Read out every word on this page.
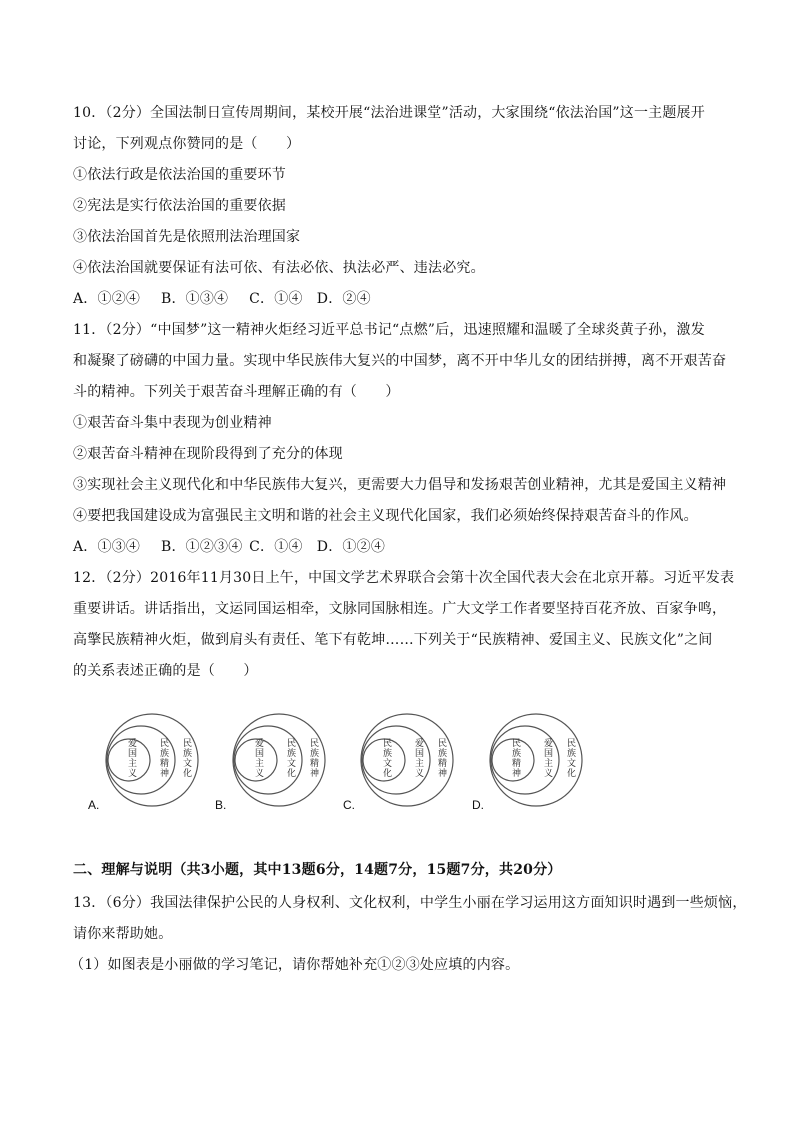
10．（2分）全国法制日宣传周期间，某校开展“法治进课堂”活动，大家围绕“依法治国”这一主题展开
讨论，下列观点你赞同的是（　　）
①依法行政是依法治国的重要环节
②宪法是实行依法治国的重要依据
③依法治国首先是依照刑法治理国家
④依法治国就要保证有法可依、有法必依、执法必严、违法必究。
A．①②④　 B．①③④　 C．①④　D．②④
11．（2分）“中国梦”这一精神火炬经习近平总书记“点燃”后，迅速照耀和温暖了全球炎黄子孙，激发
和凝聚了磅礴的中国力量。实现中华民族伟大复兴的中国梦，离不开中华儿女的团结拼搏，离不开艰苦奋
斗的精神。下列关于艰苦奋斗理解正确的有（　　）
①艰苦奋斗集中表现为创业精神
②艰苦奋斗精神在现阶段得到了充分的体现
③实现社会主义现代化和中华民族伟大复兴，更需要大力倡导和发扬艰苦创业精神，尤其是爱国主义精神
④要把我国建设成为富强民主文明和谐的社会主义现代化国家，我们必须始终保持艰苦奋斗的作风。
A．①③④　 B．①②③④ C．①④　D．①②④
12．（2分）2016年11月30日上午，中国文学艺术界联合会第十次全国代表大会在北京开幕。习近平发表
重要讲话。讲话指出，文运同国运相牵，文脉同国脉相连。广大文学工作者要坚持百花齐放、百家争鸣，
高擎民族精神火炬，做到肩头有责任、笔下有乾坤……下列关于“民族精神、爱国主义、民族文化”之间
的关系表述正确的是（　　）
爱国主义 民族精神 民族文化
A.
爱国主义 民族文化 民族精神
B.
民族文化 爱国主义 民族精神
C.
民族精神 爱国主义 民族文化
D.
二、理解与说明（共3小题，其中13题6分，14题7分，15题7分，共20分）
13．（6分）我国法律保护公民的人身权利、文化权利，中学生小丽在学习运用这方面知识时遇到一些烦恼，
请你来帮助她。
（1）如图表是小丽做的学习笔记，请你帮她补充①②③处应填的内容。
